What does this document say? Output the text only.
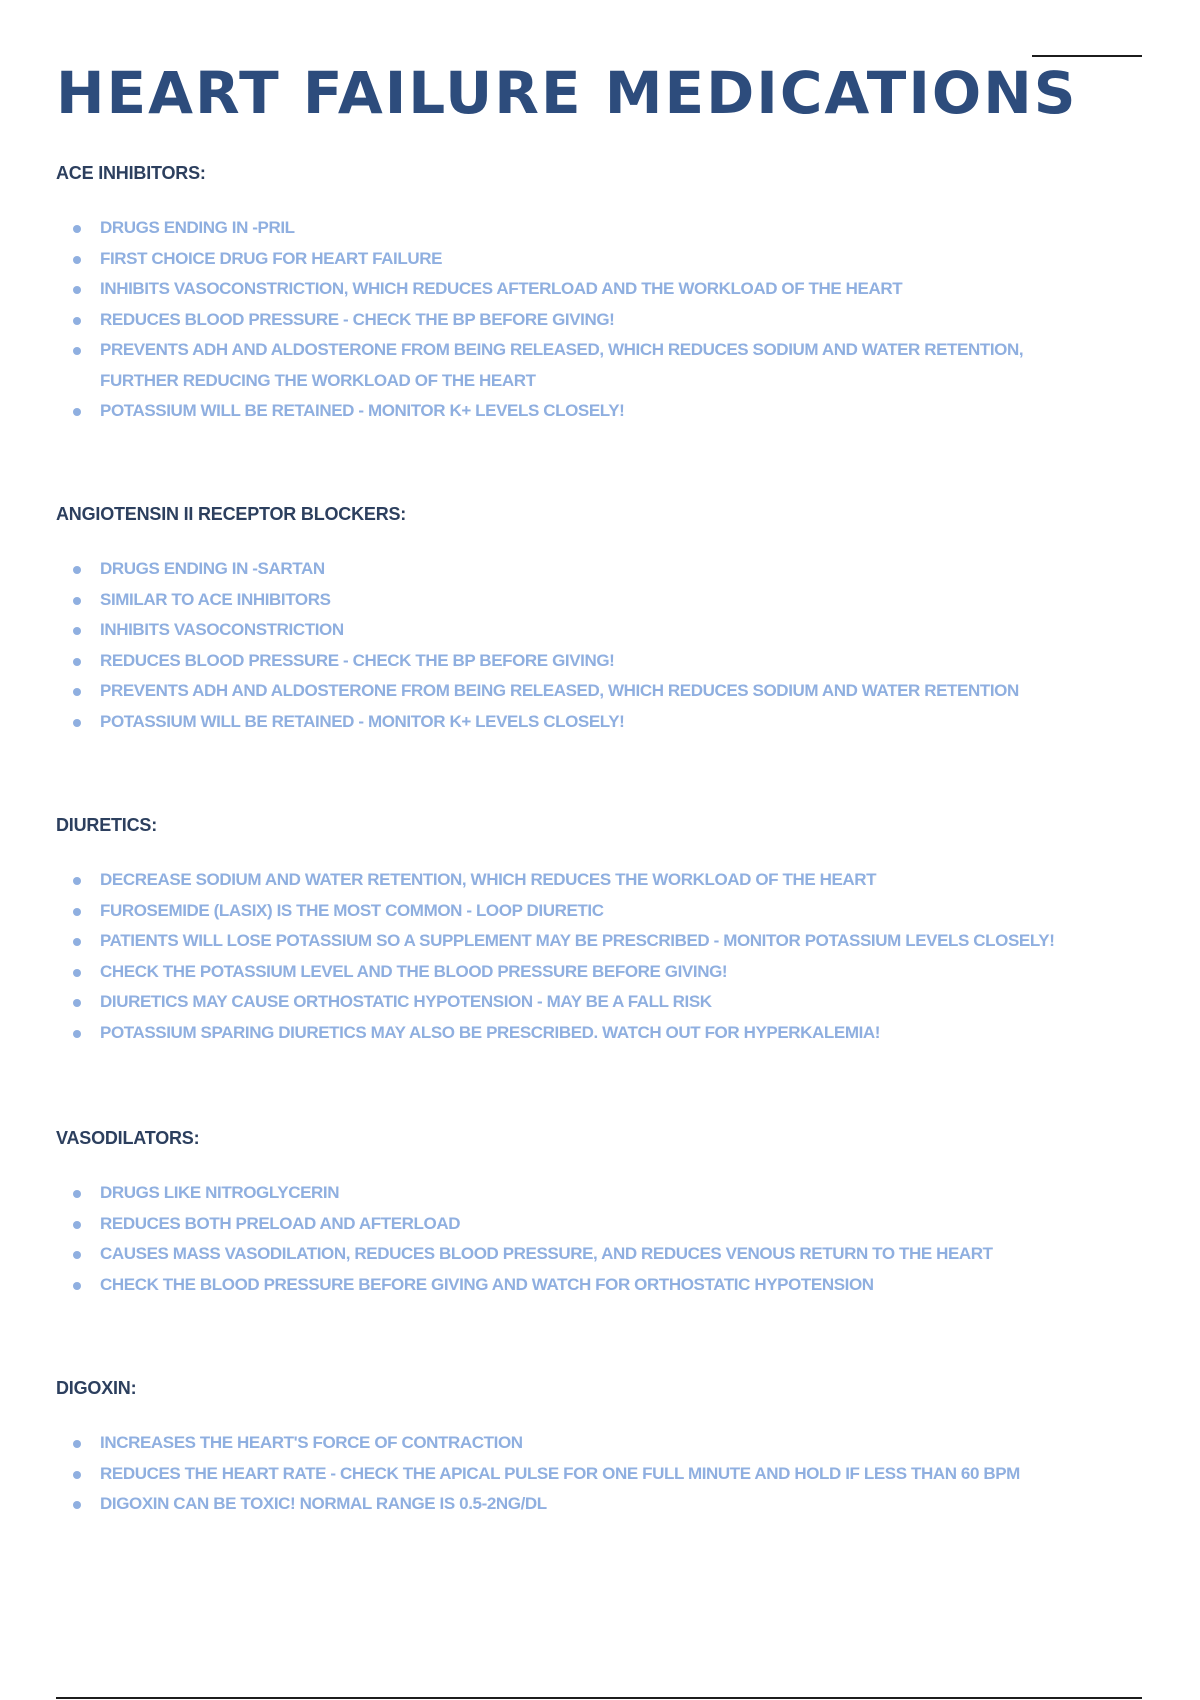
HEART FAILURE MEDICATIONS
ACE INHIBITORS:
DRUGS ENDING IN -PRIL
FIRST CHOICE DRUG FOR HEART FAILURE
INHIBITS VASOCONSTRICTION, WHICH REDUCES AFTERLOAD AND THE WORKLOAD OF THE HEART
REDUCES BLOOD PRESSURE - CHECK THE BP BEFORE GIVING!
PREVENTS ADH AND ALDOSTERONE FROM BEING RELEASED, WHICH REDUCES SODIUM AND WATER RETENTION, FURTHER REDUCING THE WORKLOAD OF THE HEART
POTASSIUM WILL BE RETAINED - MONITOR K+ LEVELS CLOSELY!
ANGIOTENSIN II RECEPTOR BLOCKERS:
DRUGS ENDING IN -SARTAN
SIMILAR TO ACE INHIBITORS
INHIBITS VASOCONSTRICTION
REDUCES BLOOD PRESSURE - CHECK THE BP BEFORE GIVING!
PREVENTS ADH AND ALDOSTERONE FROM BEING RELEASED, WHICH REDUCES SODIUM AND WATER RETENTION
POTASSIUM WILL BE RETAINED - MONITOR K+ LEVELS CLOSELY!
DIURETICS:
DECREASE SODIUM AND WATER RETENTION, WHICH REDUCES THE WORKLOAD OF THE HEART
FUROSEMIDE (LASIX) IS THE MOST COMMON - LOOP DIURETIC
PATIENTS WILL LOSE POTASSIUM SO A SUPPLEMENT MAY BE PRESCRIBED - MONITOR POTASSIUM LEVELS CLOSELY!
CHECK THE POTASSIUM LEVEL AND THE BLOOD PRESSURE BEFORE GIVING!
DIURETICS MAY CAUSE ORTHOSTATIC HYPOTENSION - MAY BE A FALL RISK
POTASSIUM SPARING DIURETICS MAY ALSO BE PRESCRIBED. WATCH OUT FOR HYPERKALEMIA!
VASODILATORS:
DRUGS LIKE NITROGLYCERIN
REDUCES BOTH PRELOAD AND AFTERLOAD
CAUSES MASS VASODILATION, REDUCES BLOOD PRESSURE, AND REDUCES VENOUS RETURN TO THE HEART
CHECK THE BLOOD PRESSURE BEFORE GIVING AND WATCH FOR ORTHOSTATIC HYPOTENSION
DIGOXIN:
INCREASES THE HEART'S FORCE OF CONTRACTION
REDUCES THE HEART RATE - CHECK THE APICAL PULSE FOR ONE FULL MINUTE AND HOLD IF LESS THAN 60 BPM
DIGOXIN CAN BE TOXIC! NORMAL RANGE IS 0.5-2NG/DL
